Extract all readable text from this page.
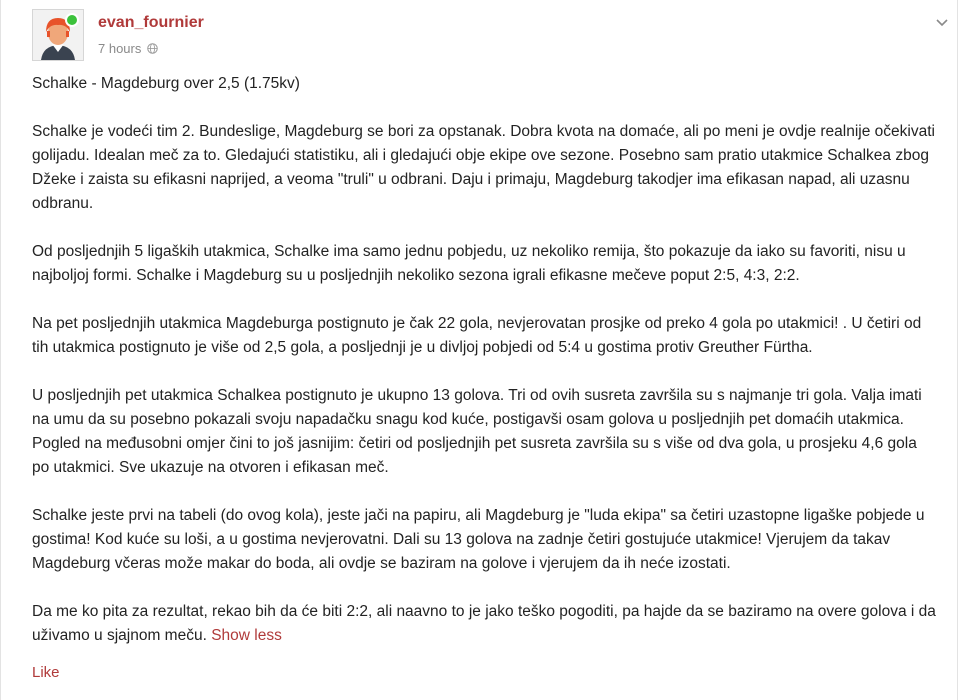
evan_fournier
7 hours

Schalke - Magdeburg over 2,5 (1.75kv)

Schalke je vodeći tim 2. Bundeslige, Magdeburg se bori za opstanak. Dobra kvota na domaće, ali po meni je ovdje realnije očekivati golijadu. Idealan meč za to. Gledajući statistiku, ali i gledajući obje ekipe ove sezone. Posebno sam pratio utakmice Schalkea zbog Džeke i zaista su efikasni naprijed, a veoma "truli" u odbrani. Daju i primaju, Magdeburg takodjer ima efikasan napad, ali uzasnu odbranu.

Od posljednjih 5 ligaških utakmica, Schalke ima samo jednu pobjedu, uz nekoliko remija, što pokazuje da iako su favoriti, nisu u najboljoj formi. Schalke i Magdeburg su u posljednjih nekoliko sezona igrali efikasne mečeve poput 2:5, 4:3, 2:2.

Na pet posljednjih utakmica Magdeburga postignuto je čak 22 gola, nevjerovatan prosjke od preko 4 gola po utakmici! . U četiri od tih utakmica postignuto je više od 2,5 gola, a posljednji je u divljoj pobjedi od 5:4 u gostima protiv Greuther Fürtha.

U posljednjih pet utakmica Schalkea postignuto je ukupno 13 golova. Tri od ovih susreta završila su s najmanje tri gola. Valja imati na umu da su posebno pokazali svoju napadačku snagu kod kuće, postigavši osam golova u posljednjih pet domaćih utakmica. Pogled na međusobni omjer čini to još jasnijim: četiri od posljednjih pet susreta završila su s više od dva gola, u prosjeku 4,6 gola po utakmici. Sve ukazuje na otvoren i efikasan meč.

Schalke jeste prvi na tabeli (do ovog kola), jeste jači na papiru, ali Magdeburg je "luda ekipa" sa četiri uzastopne ligaške pobjede u gostima! Kod kuće su loši, a u gostima nevjerovatni. Dali su 13 golova na zadnje četiri gostujuće utakmice! Vjerujem da takav Magdeburg včeras može makar do boda, ali ovdje se baziram na golove i vjerujem da ih neće izostati.

Da me ko pita za rezultat, rekao bih da će biti 2:2, ali naavno to je jako teško pogoditi, pa hajde da se baziramo na overe golova i da uživamo u sjajnom meču. Show less

Like
